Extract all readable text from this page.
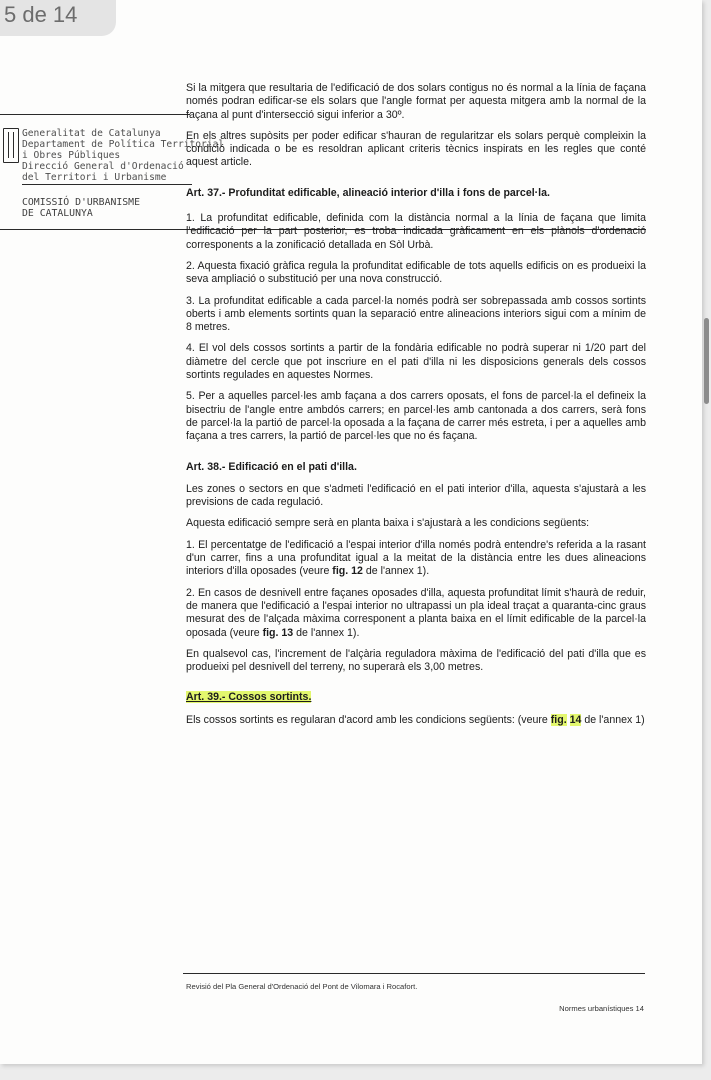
Generalitat de Catalunya
Departament de Política Territorial
i Obres Públiques
Direcció General d'Ordenació
del Territori i Urbanisme
COMISSIÓ D'URBANISME
DE CATALUNYA

Si la mitgera que resultaria de l'edificació de dos solars contigus no és normal a la línia de façana només podran edificar-se els solars que l'angle format per aquesta mitgera amb la normal de la façana al punt d'intersecció sigui inferior a 30º.

En els altres supòsits per poder edificar s'hauran de regularitzar els solars perquè compleixin la condició indicada o be es resoldran aplicant criteris tècnics inspirats en les regles que conté aquest article.

Art. 37.- Profunditat edificable, alineació interior d'illa i fons de parcel·la.

1. La profunditat edificable, definida com la distància normal a la línia de façana que limita l'edificació per la part posterior, es troba indicada gràficament en els plànols d'ordenació corresponents a la zonificació detallada en Sòl Urbà.

2. Aquesta fixació gràfica regula la profunditat edificable de tots aquells edificis on es produeixi la seva ampliació o substitució per una nova construcció.

3. La profunditat edificable a cada parcel·la només podrà ser sobrepassada amb cossos sortints oberts i amb elements sortints quan la separació entre alineacions interiors sigui com a mínim de 8 metres.

4. El vol dels cossos sortints a partir de la fondària edificable no podrà superar ni 1/20 part del diàmetre del cercle que pot inscriure en el pati d'illa ni les disposicions generals dels cossos sortints regulades en aquestes Normes.

5. Per a aquelles parcel·les amb façana a dos carrers oposats, el fons de parcel·la el defineix la bisectriu de l'angle entre ambdós carrers; en parcel·les amb cantonada a dos carrers, serà fons de parcel·la la partió de parcel·la oposada a la façana de carrer més estreta, i per a aquelles amb façana a tres carrers, la partió de parcel·les que no és façana.

Art. 38.- Edificació en el pati d'illa.

Les zones o sectors en que s'admeti l'edificació en el pati interior d'illa, aquesta s'ajustarà a les previsions de cada regulació.

Aquesta edificació sempre serà en planta baixa i s'ajustarà a les condicions següents:

1. El percentatge de l'edificació a l'espai interior d'illa només podrà entendre's referida a la rasant d'un carrer, fins a una profunditat igual a la meitat de la distància entre les dues alineacions interiors d'illa oposades (veure fig. 12 de l'annex 1).

2. En casos de desnivell entre façanes oposades d'illa, aquesta profunditat límit s'haurà de reduir, de manera que l'edificació a l'espai interior no ultrapassi un pla ideal traçat a quaranta-cinc graus mesurat des de l'alçada màxima corresponent a planta baixa en el límit edificable de la parcel·la oposada (veure fig. 13 de l'annex 1).

En qualsevol cas, l'increment de l'alçària reguladora màxima de l'edificació del pati d'illa que es produeixi pel desnivell del terreny, no superarà els 3,00 metres.

Art. 39.- Cossos sortints.

Els cossos sortints es regularan d'acord amb les condicions següents: (veure fig. 14 de l'annex 1)

Revisió del Pla General d'Ordenació del Pont de Vilomara i Rocafort.
Normes urbanístiques 14
5 de 14
